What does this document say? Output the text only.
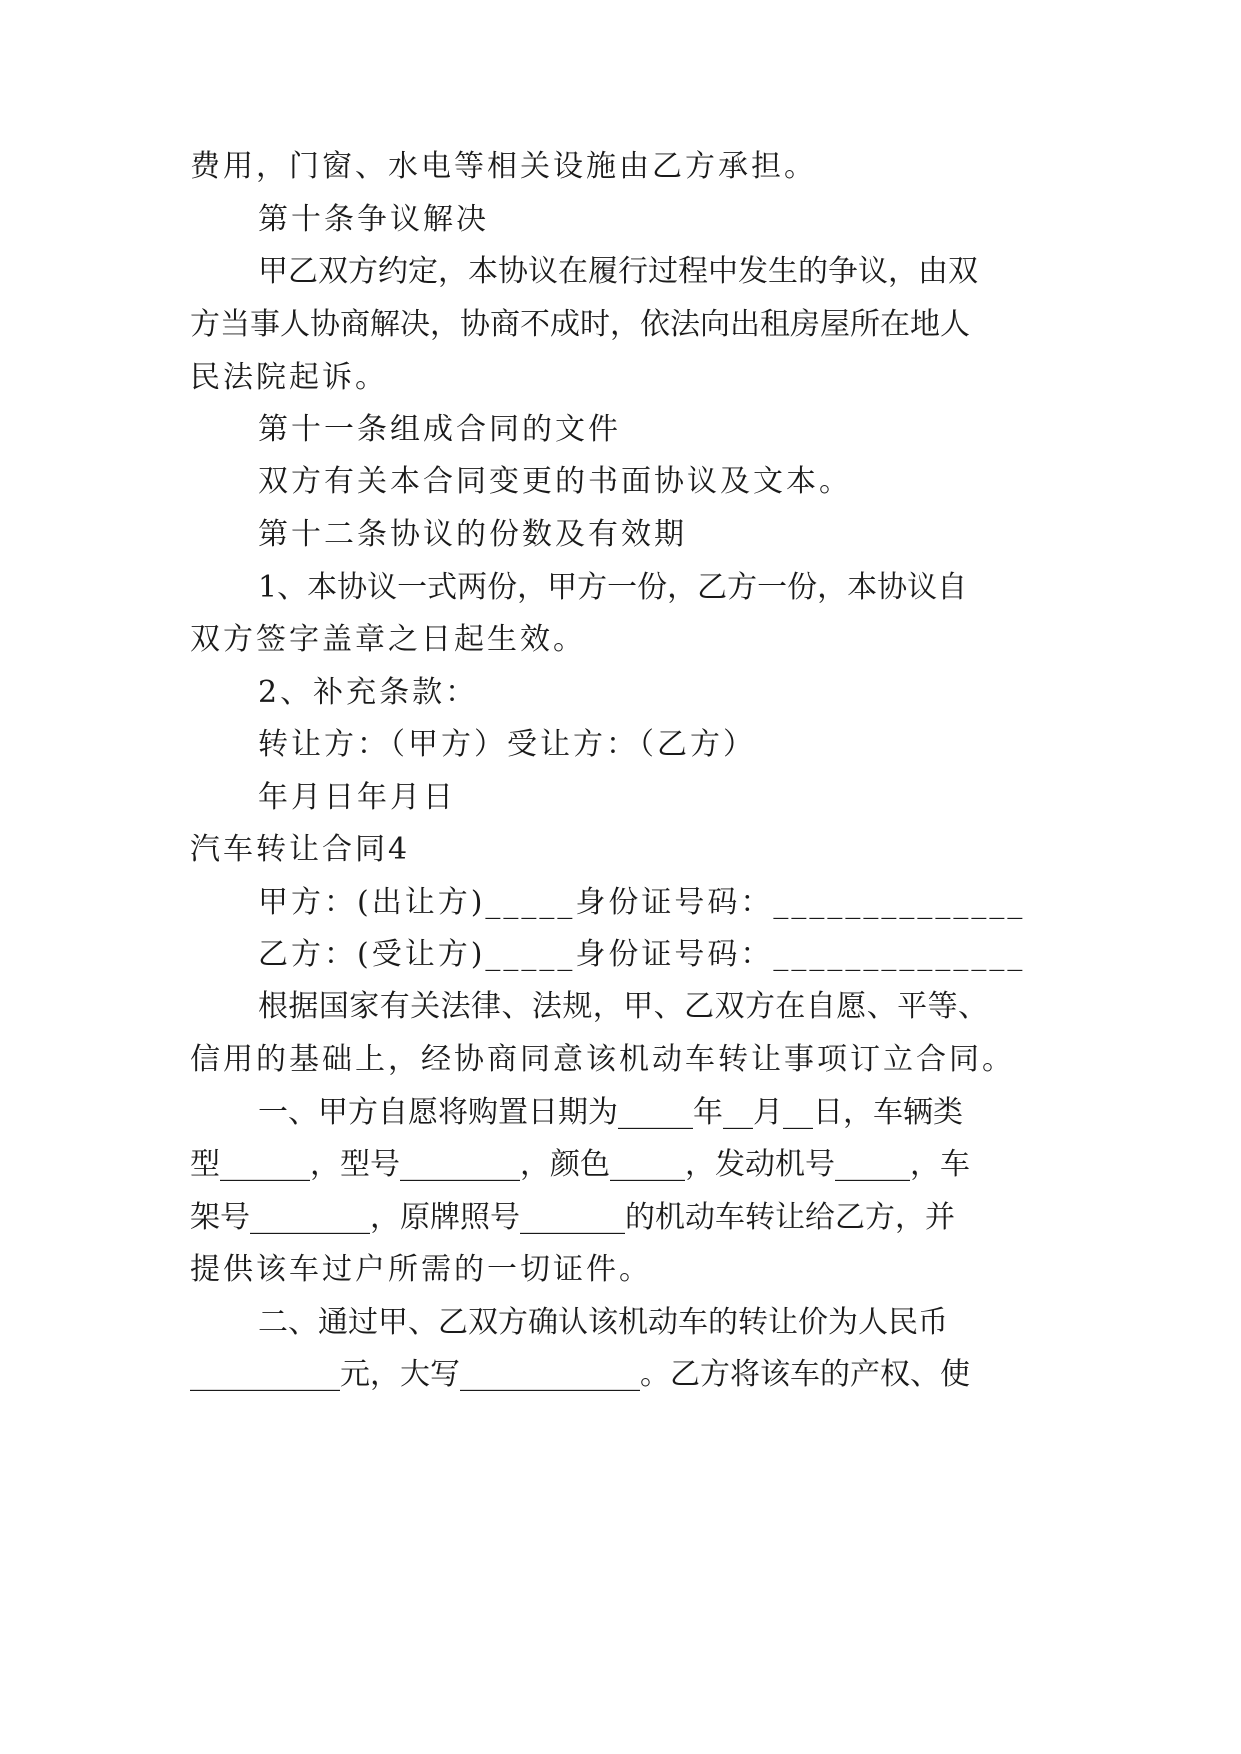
费用，门窗、水电等相关设施由乙方承担。
第十条争议解决
甲乙双方约定，本协议在履行过程中发生的争议，由双
方当事人协商解决，协商不成时，依法向出租房屋所在地人
民法院起诉。
第十一条组成合同的文件
双方有关本合同变更的书面协议及文本。
第十二条协议的份数及有效期
1、本协议一式两份，甲方一份，乙方一份，本协议自
双方签字盖章之日起生效。
2、补充条款：
转让方：（甲方）受让方：（乙方）
年月日年月日
汽车转让合同4
甲方：(出让方)_____身份证号码：______________
乙方：(受让方)_____身份证号码：______________
根据国家有关法律、法规，甲、乙双方在自愿、平等、
信用的基础上，经协商同意该机动车转让事项订立合同。
一、甲方自愿将购置日期为_____年__月__日，车辆类
型______，型号________，颜色_____，发动机号_____，车
架号________，原牌照号_______的机动车转让给乙方，并
提供该车过户所需的一切证件。
二、通过甲、乙双方确认该机动车的转让价为人民币
__________元，大写____________。乙方将该车的产权、使
